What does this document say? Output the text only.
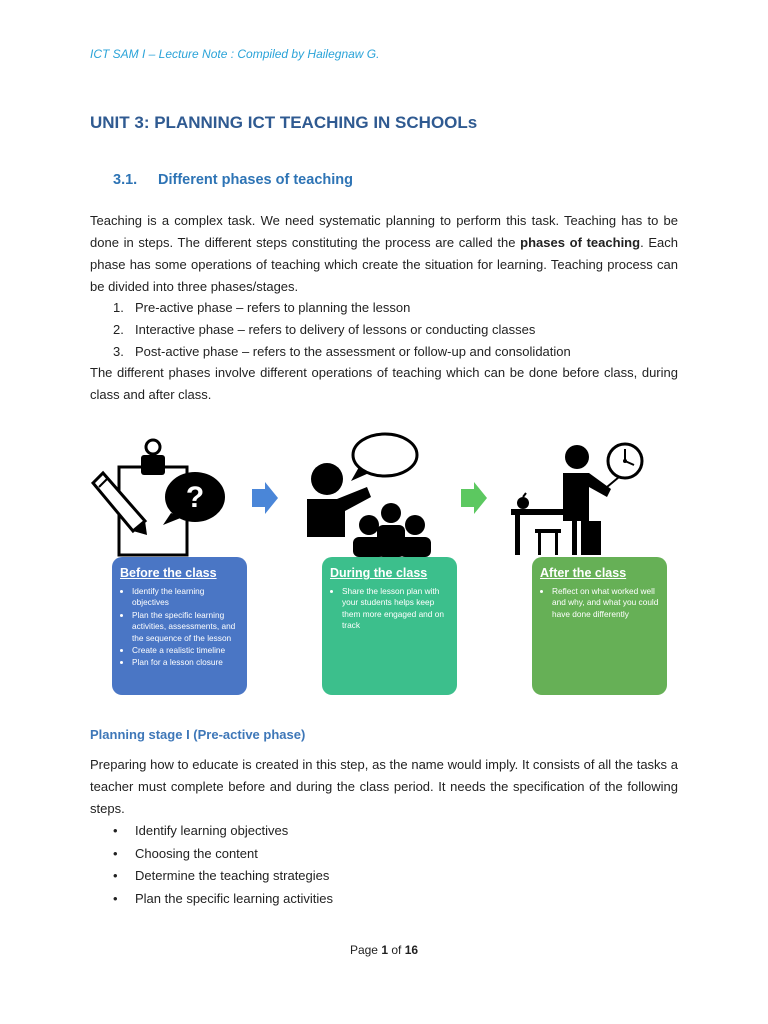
ICT SAM I – Lecture Note : Compiled by Hailegnaw G.
UNIT 3: PLANNING ICT TEACHING IN SCHOOLs
3.1. Different phases of teaching

Teaching is a complex task. We need systematic planning to perform this task. Teaching has to be done in steps. The different steps constituting the process are called the phases of teaching. Each phase has some operations of teaching which create the situation for learning. Teaching process can be divided into three phases/stages.

1. Pre-active phase – refers to planning the lesson
2. Interactive phase – refers to delivery of lessons or conducting classes
3. Post-active phase – refers to the assessment or follow-up and consolidation

The different phases involve different operations of teaching which can be done before class, during class and after class.

?
Before the class
• Identify the learning objectives
• Plan the specific learning activities, assessments, and the sequence of the lesson
• Create a realistic timeline
• Plan for a lesson closure
During the class
• Share the lesson plan with your students helps keep them more engaged and on track
After the class
• Reflect on what worked well and why, and what you could have done differently
Planning stage I (Pre-active phase)

Preparing how to educate is created in this step, as the name would imply. It consists of all the tasks a teacher must complete before and during the class period. It needs the specification of the following steps.

• Identify learning objectives
• Choosing the content
• Determine the teaching strategies
• Plan the specific learning activities
Page 1 of 16
